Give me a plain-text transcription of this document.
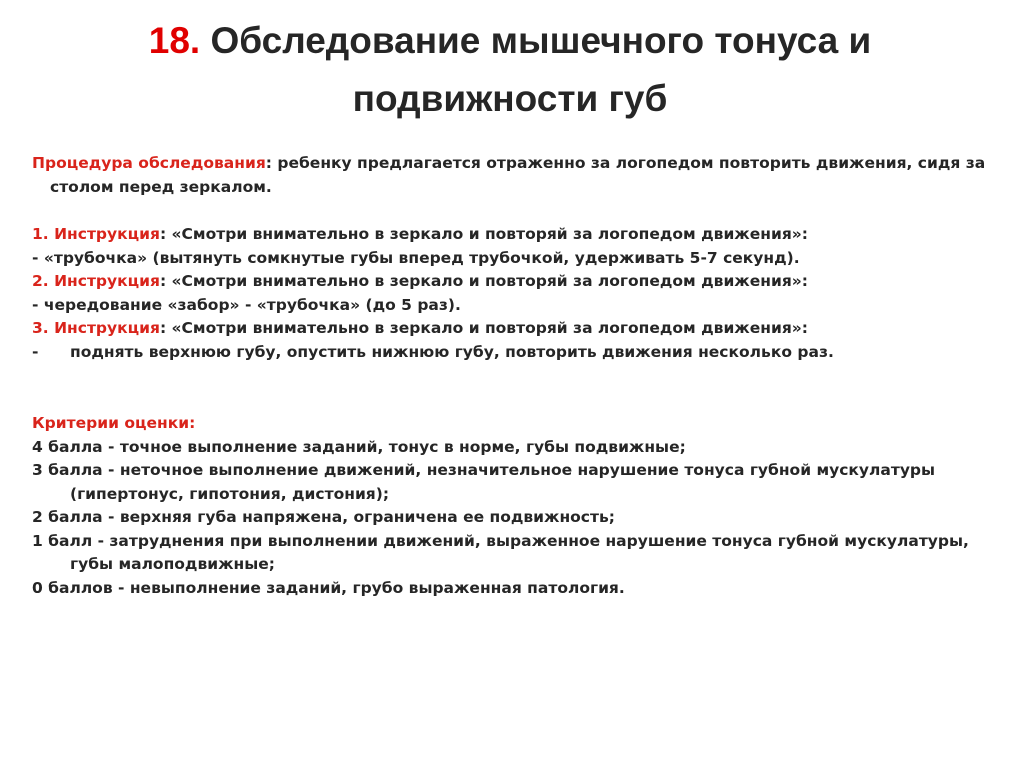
18. Обследование мышечного тонуса и
подвижности губ

Процедура обследования: ребенку предлагается отраженно за логопедом повторить движения, сидя за столом перед зеркалом.

1. Инструкция: «Смотри внимательно в зеркало и повторяй за логопедом движения»:

- «трубочка» (вытянуть сомкнутые губы вперед трубочкой, удерживать 5-7 секунд).

2. Инструкция: «Смотри внимательно в зеркало и повторяй за логопедом движения»:

- чередование «забор» - «трубочка» (до 5 раз).

3. Инструкция: «Смотри внимательно в зеркало и повторяй за логопедом движения»:

-	поднять верхнюю губу, опустить нижнюю губу, повторить движения несколько раз.

Критерии оценки:

4 балла - точное выполнение заданий, тонус в норме, губы подвижные;

3 балла - неточное выполнение движений, незначительное нарушение тонуса губной мускулатуры (гипертонус, гипотония, дистония);

2 балла - верхняя губа напряжена, ограничена ее подвижность;

1 балл - затруднения при выполнении движений, выраженное нарушение тонуса губной мускулатуры, губы малоподвижные;

0 баллов - невыполнение заданий, грубо выраженная патология.
